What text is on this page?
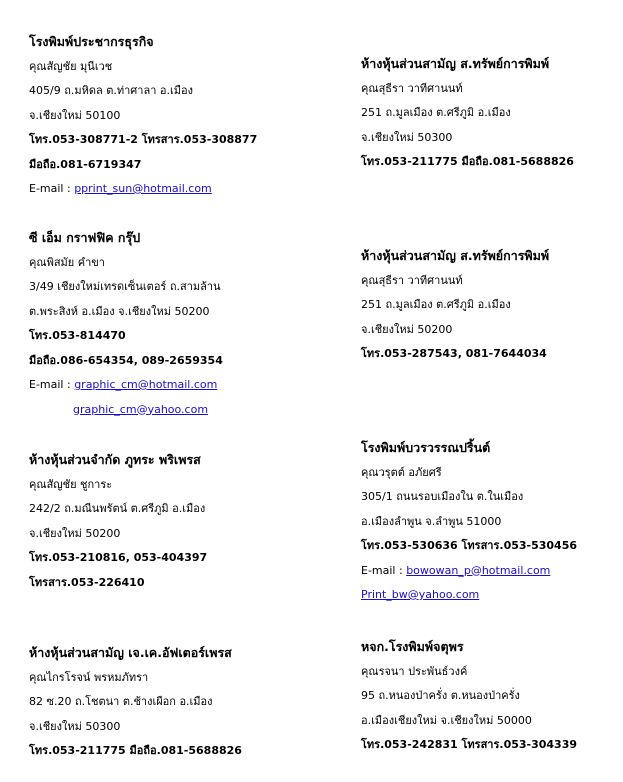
โรงพิมพ์ประชากรธุรกิจ
คุณสัญชัย มุนีเวช
405/9 ถ.มหิดล ต.ท่าศาลา อ.เมือง
จ.เชียงใหม่ 50100
โทร.053-308771-2 โทรสาร.053-308877
มือถือ.081-6719347
E-mail : pprint_sun@hotmail.com
ซี เอ็ม กราฟฟิค กรุ๊ป
คุณพิสมัย คำขา
3/49 เชียงใหม่เทรดเซ็นเตอร์ ถ.สามล้าน
ต.พระสิงห์ อ.เมือง จ.เชียงใหม่ 50200
โทร.053-814470
มือถือ.086-654354, 089-2659354
E-mail : graphic_cm@hotmail.com
graphic_cm@yahoo.com
ห้างหุ้นส่วนจำกัด ภูทระ พริเพรส
คุณสัญชัย ชูการะ
242/2 ถ.มณีนพรัตน์ ต.ศรีภูมิ อ.เมือง
จ.เชียงใหม่ 50200
โทร.053-210816, 053-404397
โทรสาร.053-226410
ห้างหุ้นส่วนสามัญ เจ.เค.อัฟเตอร์เพรส
คุณไกรโรจน์ พรหมภัทรา
82 ซ.20 ถ.โชตนา ต.ช้างเผือก อ.เมือง
จ.เชียงใหม่ 50300
โทร.053-211775 มือถือ.081-5688826
ห้างหุ้นส่วนสามัญ ส.ทรัพย์การพิมพ์
คุณสุธีรา วาทีศานนท์
251 ถ.มูลเมือง ต.ศรีภูมิ อ.เมือง
จ.เชียงใหม่ 50300
โทร.053-211775 มือถือ.081-5688826
ห้างหุ้นส่วนสามัญ ส.ทรัพย์การพิมพ์
คุณสุธีรา วาทีศานนท์
251 ถ.มูลเมือง ต.ศรีภูมิ อ.เมือง
จ.เชียงใหม่ 50200
โทร.053-287543, 081-7644034
โรงพิมพ์บวรวรรณปริ้นต์
คุณวรุตต์ อภัยศรี
305/1 ถนนรอบเมืองใน ต.ในเมือง
อ.เมืองลำพูน จ.ลำพูน 51000
โทร.053-530636 โทรสาร.053-530456
E-mail : bowowan_p@hotmail.com
Print_bw@yahoo.com
หจก.โรงพิมพ์จตุพร
คุณรจนา ประพันธ์วงค์
95 ถ.หนองป่าครั่ง ต.หนองป่าครั่ง
อ.เมืองเชียงใหม่ จ.เชียงใหม่ 50000
โทร.053-242831 โทรสาร.053-304339
